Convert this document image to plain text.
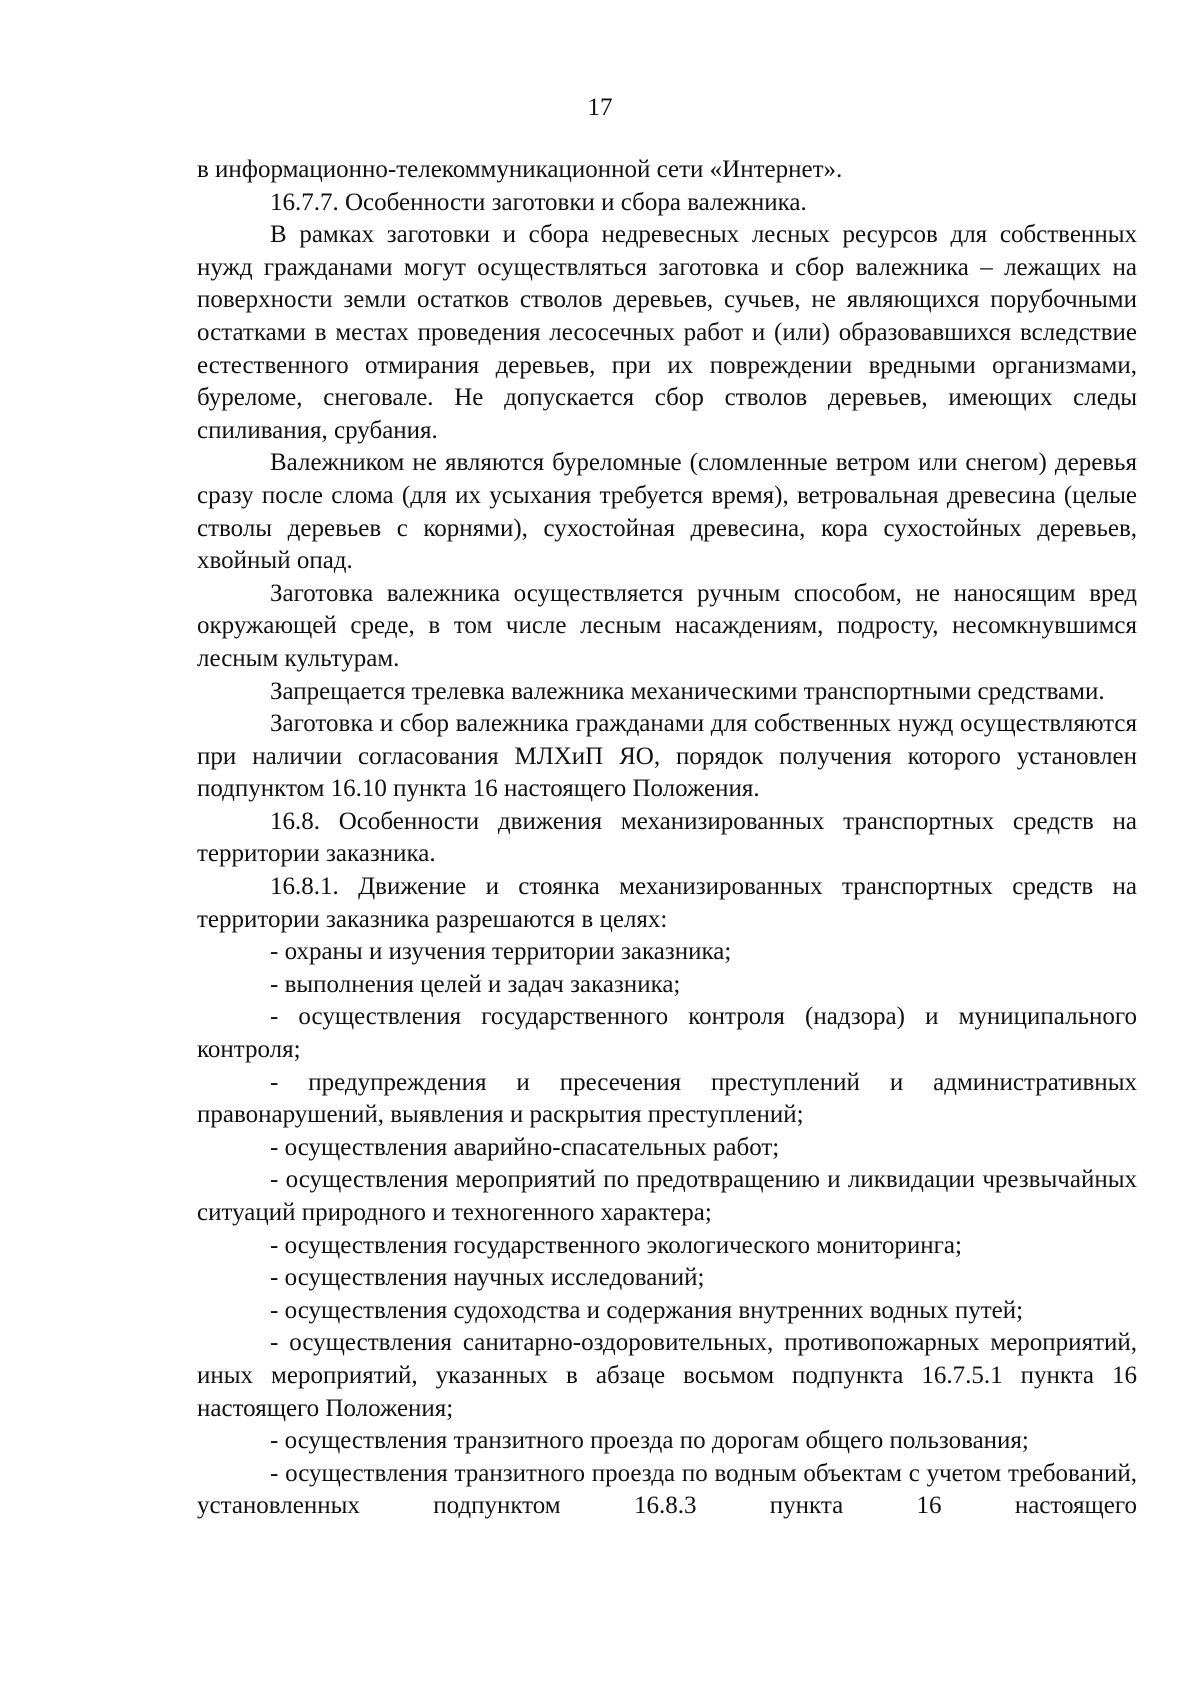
17

в информационно-телекоммуникационной сети «Интернет».

16.7.7. Особенности заготовки и сбора валежника.

В рамках заготовки и сбора недревесных лесных ресурсов для собственных нужд гражданами могут осуществляться заготовка и сбор валежника – лежащих на поверхности земли остатков стволов деревьев, сучьев, не являющихся порубочными остатками в местах проведения лесосечных работ и (или) образовавшихся вследствие естественного отмирания деревьев, при их повреждении вредными организмами, буреломе, снеговале. Не допускается сбор стволов деревьев, имеющих следы спиливания, срубания.

Валежником не являются буреломные (сломленные ветром или снегом) деревья сразу после слома (для их усыхания требуется время), ветровальная древесина (целые стволы деревьев с корнями), сухостойная древесина, кора сухостойных деревьев, хвойный опад.

Заготовка валежника осуществляется ручным способом, не наносящим вред окружающей среде, в том числе лесным насаждениям, подросту, несомкнувшимся лесным культурам.

Запрещается трелевка валежника механическими транспортными средствами.

Заготовка и сбор валежника гражданами для собственных нужд осуществляются при наличии согласования МЛХиП ЯО, порядок получения которого установлен подпунктом 16.10 пункта 16 настоящего Положения.

16.8. Особенности движения механизированных транспортных средств на территории заказника.

16.8.1. Движение и стоянка механизированных транспортных средств на территории заказника разрешаются в целях:

- охраны и изучения территории заказника;

- выполнения целей и задач заказника;

- осуществления государственного контроля (надзора) и муниципального контроля;

- предупреждения и пресечения преступлений и административных правонарушений, выявления и раскрытия преступлений;

- осуществления аварийно-спасательных работ;

- осуществления мероприятий по предотвращению и ликвидации чрезвычайных ситуаций природного и техногенного характера;

- осуществления государственного экологического мониторинга;

- осуществления научных исследований;

- осуществления судоходства и содержания внутренних водных путей;

- осуществления санитарно-оздоровительных, противопожарных мероприятий, иных мероприятий, указанных в абзаце восьмом подпункта 16.7.5.1 пункта 16 настоящего Положения;

- осуществления транзитного проезда по дорогам общего пользования;

- осуществления транзитного проезда по водным объектам с учетом требований, установленных подпунктом 16.8.3 пункта 16 настоящего
